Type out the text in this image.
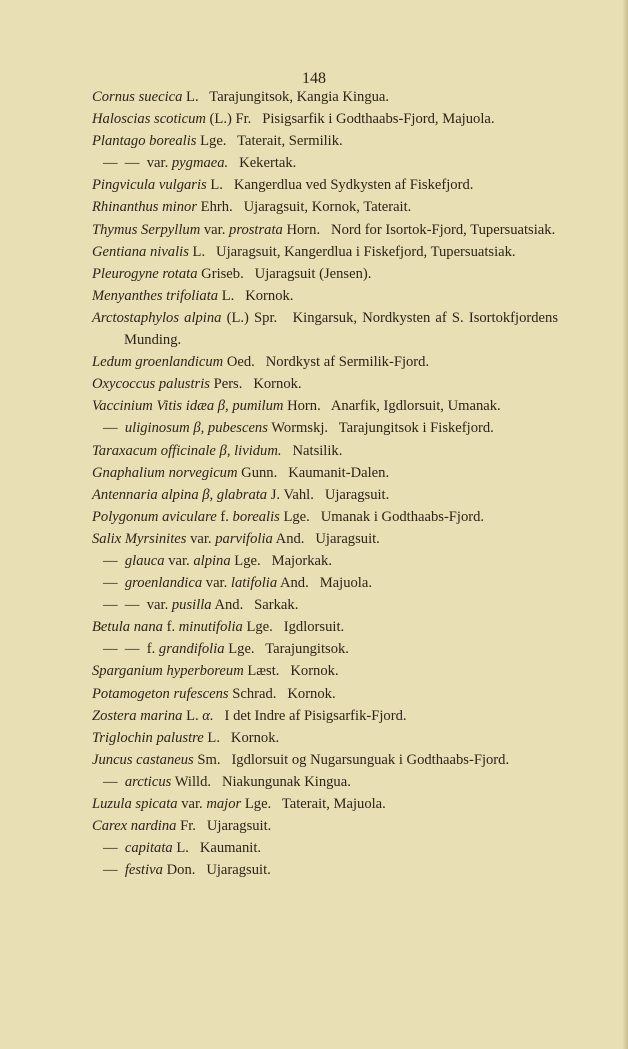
148
Cornus suecica L.   Tarajungitsok, Kangia Kingua.
Haloscias scoticum (L.) Fr.   Pisigsarfik i Godthaabs-Fjord, Majuola.
Plantago borealis Lge.   Taterait, Sermilik.
—  —  var. pygmaea.   Kekertak.
Pingvicula vulgaris L.   Kangerdlua ved Sydkysten af Fiskefjord.
Rhinanthus minor Ehrh.   Ujaragsuit, Kornok, Taterait.
Thymus Serpyllum var. prostrata Horn.   Nord for Isortok-Fjord, Tupersuatsiak.
Gentiana nivalis L.   Ujaragsuit, Kangerdlua i Fiskefjord, Tupersuatsiak.
Pleurogyne rotata Griseb.   Ujaragsuit (Jensen).
Menyanthes trifoliata L.   Kornok.
Arctostaphylos alpina (L.) Spr.   Kingarsuk, Nordkysten af S. Isortokfjordens Munding.
Ledum groenlandicum Oed.   Nordkyst af Sermilik-Fjord.
Oxycoccus palustris Pers.   Kornok.
Vaccinium Vitis idæa β, pumilum Horn.   Anarfik, Igdlorsuit, Umanak.
—  uliginosum β, pubescens Wormskj.   Tarajungitsok i Fiskefjord.
Taraxacum officinale β, lividum.   Natsilik.
Gnaphalium norvegicum Gunn.   Kaumanit-Dalen.
Antennaria alpina β, glabrata J. Vahl.   Ujaragsuit.
Polygonum aviculare f. borealis Lge.   Umanak i Godthaabs-Fjord.
Salix Myrsinites var. parvifolia And.   Ujaragsuit.
—  glauca var. alpina Lge.   Majorkak.
—  groenlandica var. latifolia And.   Majuola.
—  —  var. pusilla And.   Sarkak.
Betula nana f. minutifolia Lge.   Igdlorsuit.
—  —  f. grandifolia Lge.   Tarajungitsok.
Sparganium hyperboreum Læst.   Kornok.
Potamogeton rufescens Schrad.   Kornok.
Zostera marina L. α.   I det Indre af Pisigsarfik-Fjord.
Triglochin palustre L.   Kornok.
Juncus castaneus Sm.   Igdlorsuit og Nugarsunguak i Godthaabs-Fjord.
—  arcticus Willd.   Niakungunak Kingua.
Luzula spicata var. major Lge.   Taterait, Majuola.
Carex nardina Fr.   Ujaragsuit.
—  capitata L.   Kaumanit.
—  festiva Don.   Ujaragsuit.
